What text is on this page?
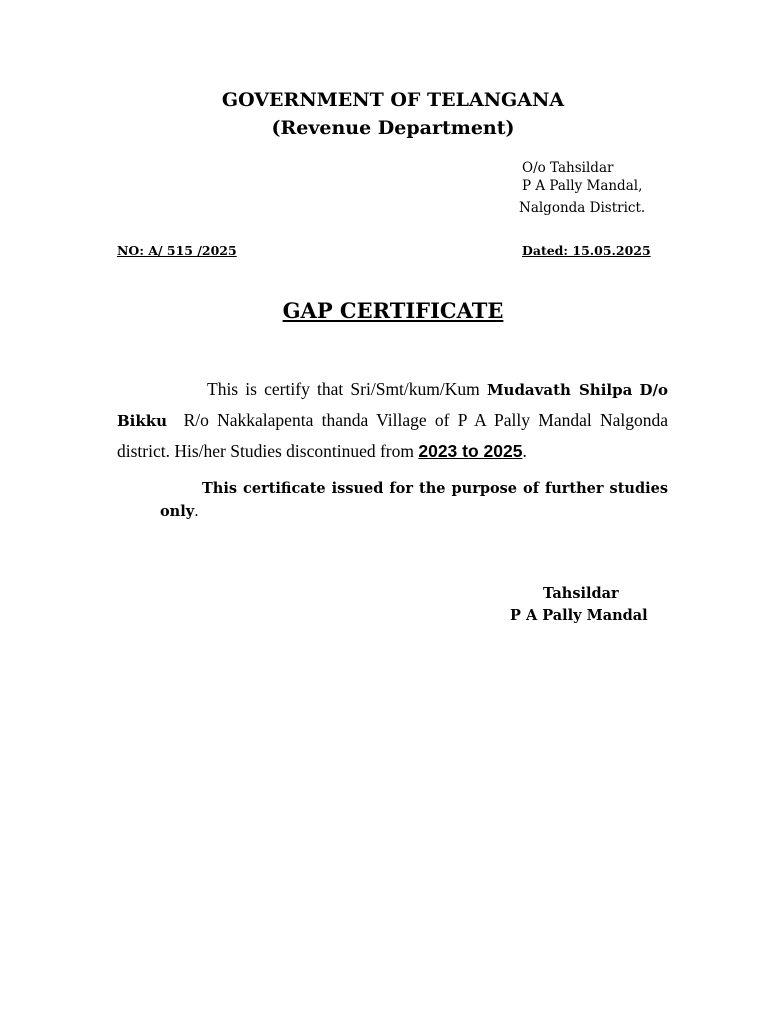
GOVERNMENT OF TELANGANA
(Revenue Department)
O/o Tahsildar
P A Pally Mandal,
Nalgonda District.
NO: A/ 515 /2025	Dated: 15.05.2025
GAP CERTIFICATE
This is certify that Sri/Smt/kum/Kum Mudavath Shilpa D/o Bikku R/o Nakkalapenta thanda Village of P A Pally Mandal Nalgonda district. His/her Studies discontinued from 2023 to 2025.
This certificate issued for the purpose of further studies only.
Tahsildar
P A Pally Mandal
